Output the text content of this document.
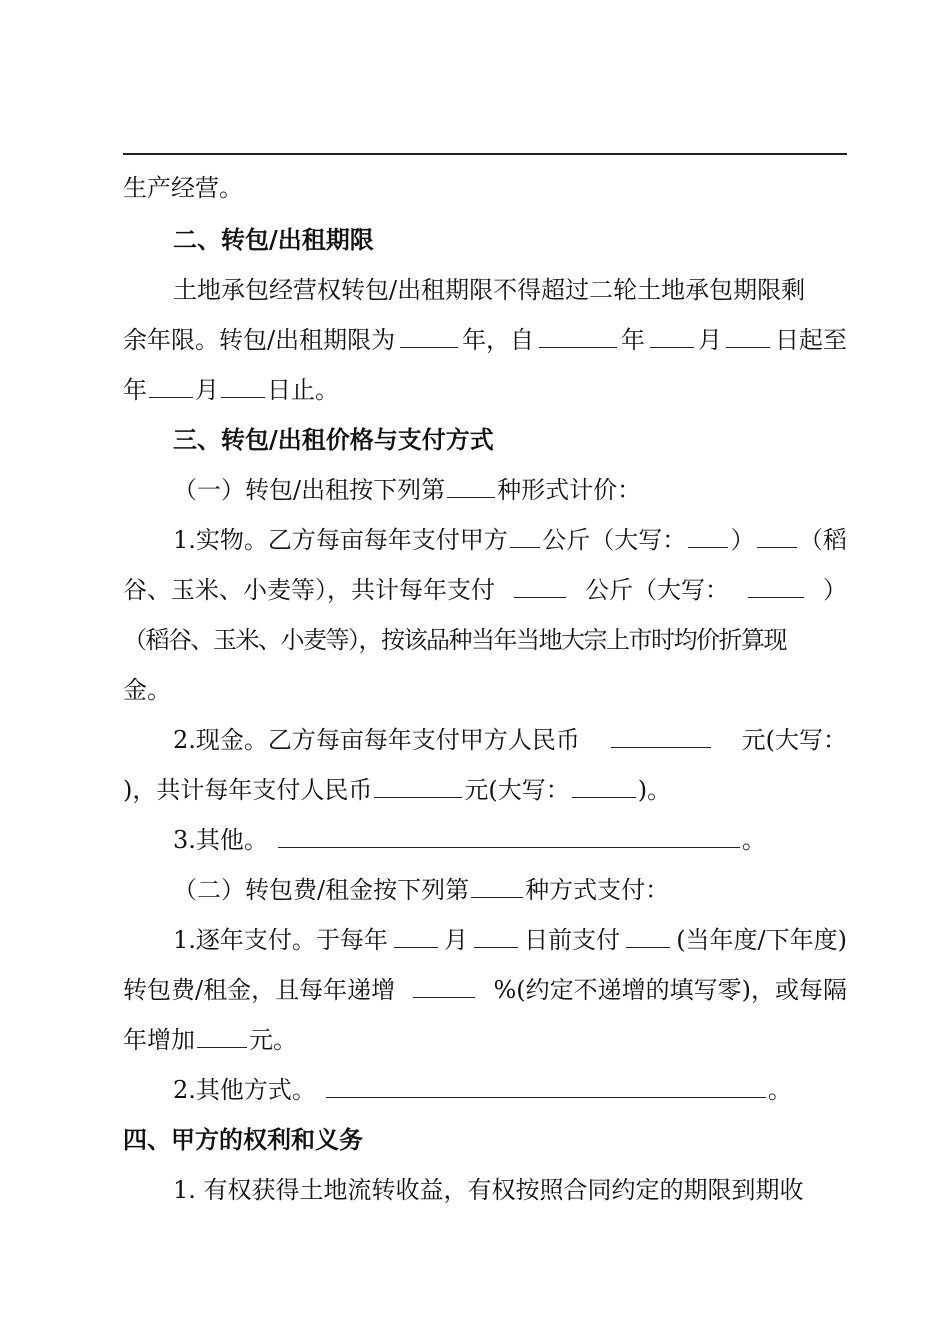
生产经营。
二、转包/出租期限
土地承包经营权转包/出租期限不得超过二轮土地承包期限剩
余年限。转包/出租期限为	年，自	年 月 日起至
年 月 日止。
三、转包/出租价格与支付方式
（一）转包/出租按下列第 种形式计价：
1.实物。乙方每亩每年支付甲方 公斤（大写： ） （稻
谷、玉米、小麦等），共计每年支付	公斤（大写：	）
（稻谷、玉米、小麦等），按该品种当年当地大宗上市时均价折算现
金。
2.现金。乙方每亩每年支付甲方人民币	元(大写：
)，共计每年支付人民币	元(大写：	)。
3.其他。	。
（二）转包费/租金按下列第 种方式支付：
1.逐年支付。于每年 月 日前支付 (当年度/下年度)
转包费/租金，且每年递增	%(约定不递增的填写零)，或每隔
年增加 元。
2.其他方式。	。
四、甲方的权利和义务
1. 有权获得土地流转收益，有权按照合同约定的期限到期收
